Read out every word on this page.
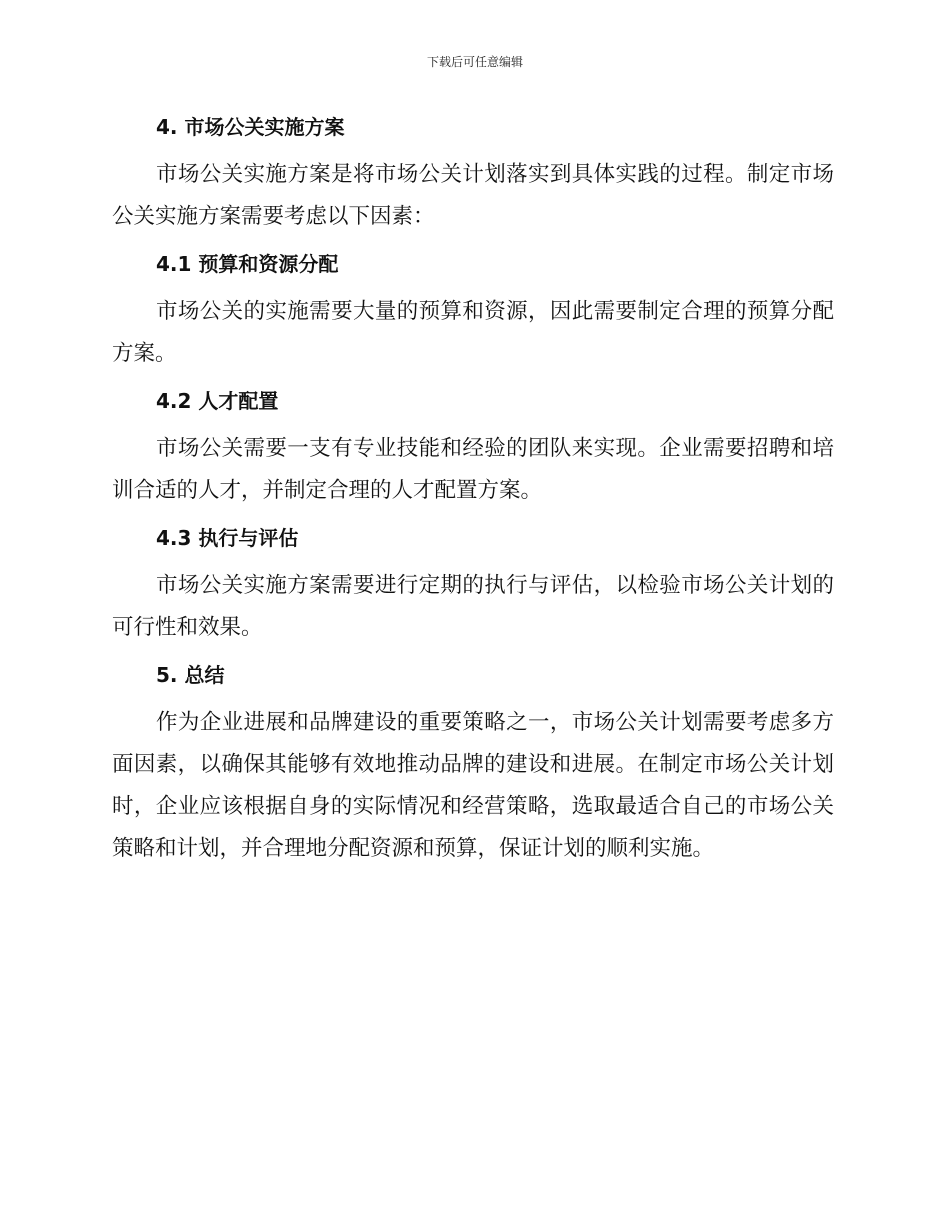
下载后可任意编辑
4. 市场公关实施方案

市场公关实施方案是将市场公关计划落实到具体实践的过程。制定市场公关实施方案需要考虑以下因素：

4.1 预算和资源分配

市场公关的实施需要大量的预算和资源，因此需要制定合理的预算分配方案。

4.2 人才配置

市场公关需要一支有专业技能和经验的团队来实现。企业需要招聘和培训合适的人才，并制定合理的人才配置方案。

4.3 执行与评估

市场公关实施方案需要进行定期的执行与评估，以检验市场公关计划的可行性和效果。

5. 总结

作为企业进展和品牌建设的重要策略之一，市场公关计划需要考虑多方面因素，以确保其能够有效地推动品牌的建设和进展。在制定市场公关计划时，企业应该根据自身的实际情况和经营策略，选取最适合自己的市场公关策略和计划，并合理地分配资源和预算，保证计划的顺利实施。
